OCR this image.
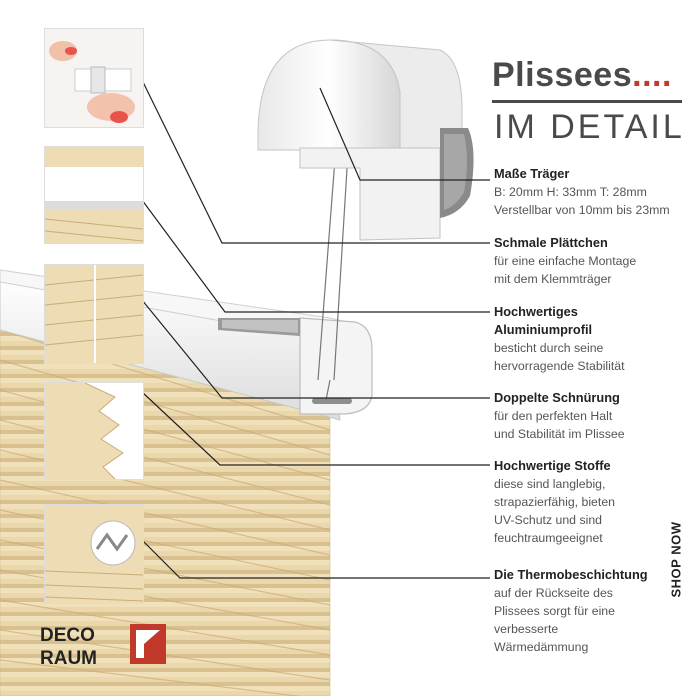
Plissees....
IM DETAIL
Maße Träger
B: 20mm H: 33mm T: 28mm
Verstellbar von 10mm bis 23mm
Schmale Plättchen
für eine einfache Montage
mit dem Klemmträger
Hochwertiges Aluminiumprofil
besticht durch seine
hervorragende Stabilität
Doppelte Schnürung
für den perfekten Halt
und Stabilität im Plissee
Hochwertige Stoffe
diese sind langlebig,
strapazierfähig, bieten
UV-Schutz und sind
feuchtraumgeeignet
Die Thermobeschichtung
auf der Rückseite des
Plissees sorgt für eine
verbesserte
Wärmedämmung
SHOP NOW
DECO
RAUM
